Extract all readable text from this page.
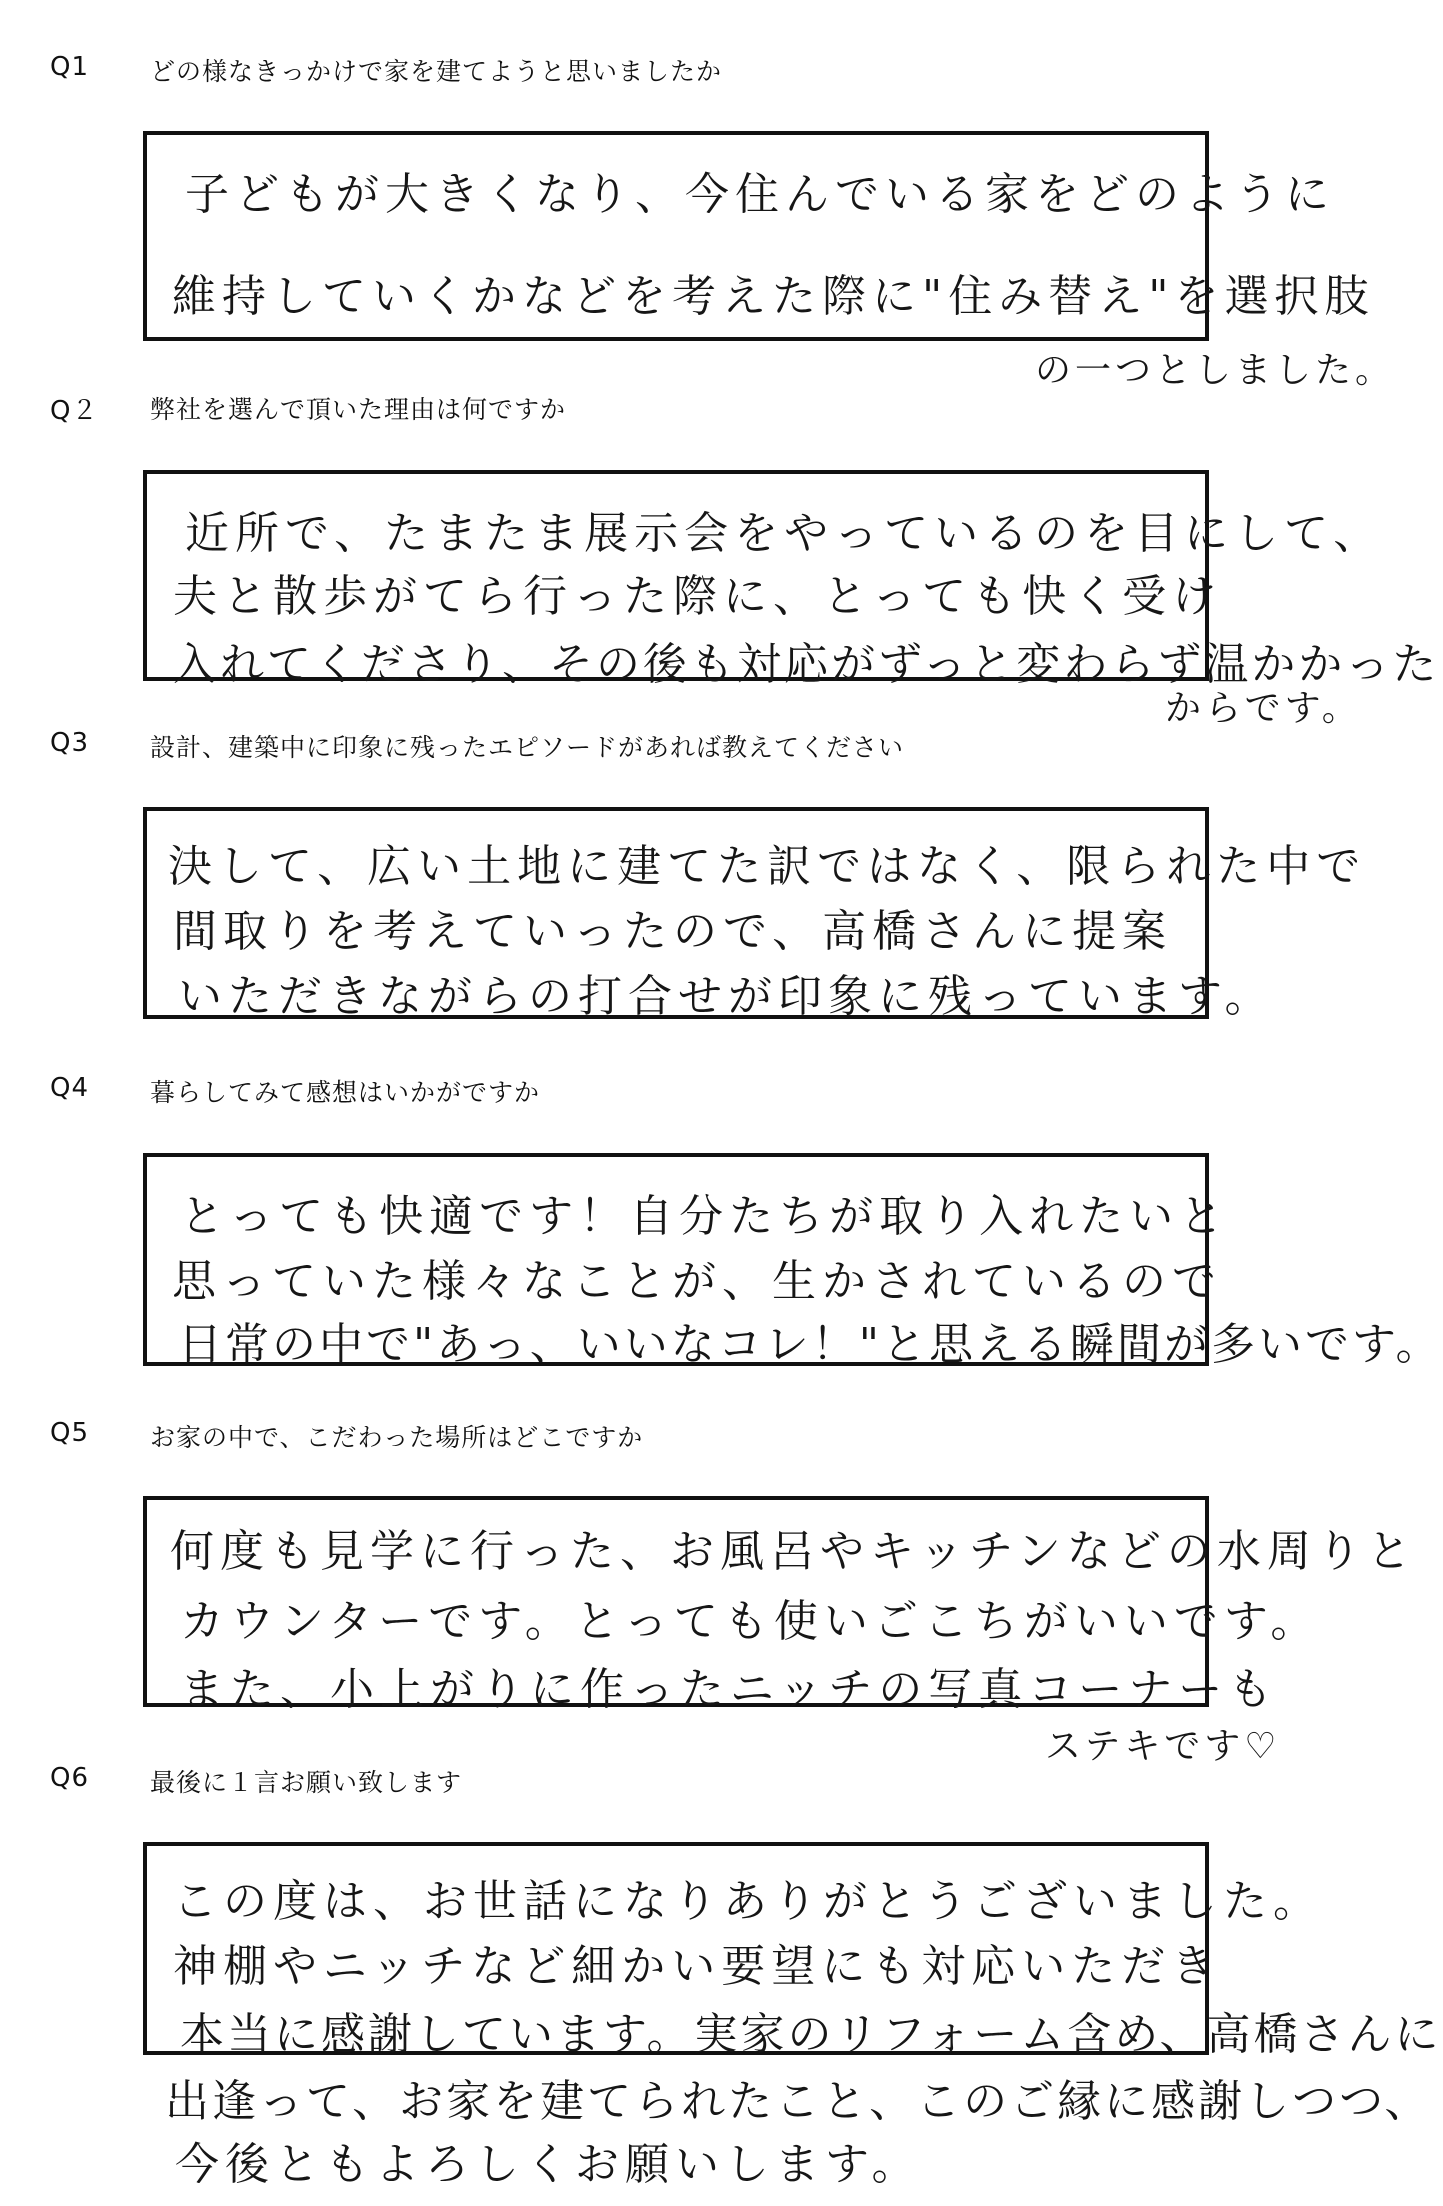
Q1 どの様なきっかけで家を建てようと思いましたか
子どもが大きくなり、今住んでいる家をどのように
維持していくかなどを考えた際に"住み替え"を選択肢
の一つとしました。
Q２ 弊社を選んで頂いた理由は何ですか
近所で、たまたま展示会をやっているのを目にして、
夫と散歩がてら行った際に、とっても快く受け
入れてくださり、その後も対応がずっと変わらず温かかった
からです。
Q3 設計、建築中に印象に残ったエピソードがあれば教えてください
決して、広い土地に建てた訳ではなく、限られた中で
間取りを考えていったので、高橋さんに提案
いただきながらの打合せが印象に残っています。
Q4 暮らしてみて感想はいかがですか
とっても快適です！自分たちが取り入れたいと
思っていた様々なことが、生かされているので
日常の中で"あっ、いいなコレ！"と思える瞬間が多いです。
Q5 お家の中で、こだわった場所はどこですか
何度も見学に行った、お風呂やキッチンなどの水周りと
カウンターです。とっても使いごこちがいいです。
また、小上がりに作ったニッチの写真コーナーも
ステキです♡
Q6 最後に１言お願い致します
この度は、お世話になりありがとうございました。
神棚やニッチなど細かい要望にも対応いただき
本当に感謝しています。実家のリフォーム含め、高橋さんに
出逢って、お家を建てられたこと、このご縁に感謝しつつ、
今後ともよろしくお願いします。
